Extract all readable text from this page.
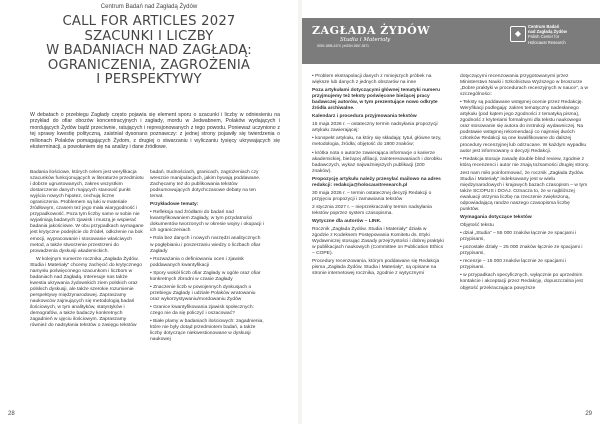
Centrum Badań nad Zagładą Żydów
CALL FOR ARTICLES 2027
SZACUNKI I LICZBY
W BADANIACH NAD ZAGŁADĄ:
OGRANICZENIA, ZAGROŻENIA
I PERSPEKTYWY
W debatach o przebiegu Zagłady często pojawia się element sporu o szacunki i liczby w odniesieniu na przykład do ofiar obozów koncentracyjnych i zagłady, mordu w Jedwabnem, Polaków wydających i mordujących Żydów bądź przeciwnie, ratujących i represjonowanych z tego powodu. Ponieważ uczyniono z tej sprawy kwestię polityczną, zaistniał dysonans poznawczy: z jednej strony pojawiły się twierdzenia o milionach Polaków pomagających Żydom, z drugiej o stwarzaniu i wyliczaniu tysięcy ukrywających się eksterminacji, a powołaniem się na analizy i dane źródłowe.

Badania ilościowe, których celem jest weryfikacja szacunków funkcjonujących w literaturze przedmiotu i dobrze ugruntowanych, zakres wszystkim dostarczenie danych mających stanowić punkt wyjścia nowych hipotez, cechują liczne ograniczenia. Problemem są luki w materiale źródłowym, czasem też jego mała wiarygodność i przypadkowość. Poza tym liczby same w sobie nie wyjaśniają badanych zjawisk i muszą je wspierać badania jakościowe. W obu przypadkach wymagane jest krytyczne podejście do źródeł, odłożenie na bok emocji, wypracowanie i stosowanie właściwych metod, a także stworzenie przestrzeni do prowadzenia dyskusji akademickich.

W kolejnym numerze rocznika „Zagłada Żydów. Studia i Materiały” chcemy zachęcić do krytycznego namysłu poświęconego szacunkom i liczbom w badaniach nad Zagładą. Interesuje nas także kwestia ukrywania żydowskich ziem polskich oraz polskich dyskusji, ale także szerokie rozumienie perspektywy międzynarodowej. Zapraszamy naukowców zajmujących się metodologią badań ilościowych, w tym analityków, statystyków i demografów, a także badaczy konkretnych zagadnień w ujęciu ilościowym. Zapraszamy również do nadsyłania tekstów o zasięgu tekstów

badań, trudnościach, granicach, zagrożeniach czy wreszcie manipulacjach, jakim bywają poddawane. Zachęcamy też do publikowania tekstów podsumowujących dotychczasowe debaty na ten temat.

Przykładowe tematy:

• Refleksja nad źródłami do badań nad kwantyfikowaniem Zagłady, w tym przydatności dokumentów tworzonych w okresie wojny i okupacji i ich ograniczeniach

• Rola bez danych i nowych narzędzi analitycznych w pogłębianiu i poszerzaniu wiedzy o liczbach ofiar Zagłady

• Rozważania o definiowaniu ocen i zjawisk poddawanych kwantyfikacji

• Spory wokół liczb ofiar Zagłady w ogóle oraz ofiar konkretnych zbrodni w czasie Zagłady

• Znaczenie liczb w powojennych dyskusjach o przebiegu Zagłady i udziale Polaków wratowaniu oraz wykorzystywaniu/mordowaniu Żydów

• Granice kwantyfikowania zjawisk społecznych: czego nie da się policzyć i oszacować?

• Białe plamy w badaniach ilościowych: zagadnienia, które nie były dotąd przedmiotem badań, a także liczby dotyczące niekwestionowane w dyskusji naukowej

28
ZAGŁADA ŻYDÓW
Studia i Materiały
ISSN 1895-247X | eISSN 2657-3571
◆
Centrum Badań
nad Zagładą Żydów
Polish Center for
Holocaust Research

• Problem ekstrapolacji danych z mniejszych próbek na większe lub danych z jednych obszarów na inne

Poza artykułami dotyczącymi głównej tematyki numeru przyjmujemy też teksty poświęcone bieżącej pracy badawczej autorów, w tym prezentujące nowo odkryte źródła archiwalne.

Kalendarz i procedura przyjmowania tekstów

15 maja 2026 r. – ostateczny termin nadsyłania propozycji artykułu zawierającej:

• konspekt artykułu, na który się składają: tytuł, główne tezy, metodologia, źródła; objętość do 1800 znaków;

• krótka nota o autorze zawierająca informacje o karierze akademickiej, bieżącej afiliacji, zainteresowaniach i dorobku badawczych, wykaz najważniejszych publikacji (200 znaków).

Propozycję artykułu należy przesyłać mailowo na adres redakcji: redakcja@holocaustresearch.pl

30 maja 2026 r. – termin ostatecznej decyzji Redakcji o przyjęciu propozycji i zamawiania tekstów

2 stycznia 2027 r. – nieprzekraczalny termin nadsyłania tekstów poprzez system czasopisma.

Wytyczne dla autorów – LINK.

Rocznik „Zagłada Żydów. Studia i Materiały” działa w zgodzie z Kodeksem Postępowania Komitetu ds. Etyki Wydawniczej stosując Zasady przejrzystości i dobrej praktyki w publikacjach naukowych (Committee on Publication Ethics – COPE).

Procedury recenzowania, którym poddawane się Redakcja pisma „Zagłada Żydów. Studia i Materiały”, są opisane na stronie internetowej rocznika, zgodnie z wytycznymi

dotyczącymi recenzowania przygotowanymi przez Ministerstwo Nauki i Szkolnictwa Wyższego w broszurze „Dobre praktyki w procedurach recenzyjnych w nauce”, a w szczególności:

• Teksty są poddawane wstępnej ocenie przez Redakcję. Weryfikacji podlegają: zakres tematyczny nadesłanego artykułu (pod kątem jego zgodności z tematyką pisma), zgodność z kryteriami formalnymi dla tekstu naukowego oraz stosowanie się autora do instrukcji wydawniczej. Na podstawie wstępnej rekomendacji co najmniej dwóch członków Redakcji są one kwalifikowane do dalszej procedury recenzyjnej lub odrzucane. W każdym wypadku autor jest informowany o decyzji Redakcji.

• Redakcja stosuje zasadę double blind review, zgodnie z którą recenzenci i autor nie znają tożsamości drugiej strony.

Jest nam miło poinformować, że rocznik „Zagłada Żydów. Studia i Materiały” indeksowany jest w wielu międzynarodowych i krajowych bazach czasopism – w tym także SCOPUS i DOAJ. Oznacza to, że w najbliższej ewaluacji otrzyma liczbę na rzeczenie zwiększoną, odpowiadającą randze naszego czasopisma liczbę punktów.

Wymagania dotyczące tekstów

Objętość tekstu

• dział „Studia” – 55 000 znaków łącznie ze spacjami i przypisami,

• pozostałe działy – 25 000 znaków łącznie ze spacjami i przypisami,

• recenzje – 15 000 znaków łącznie ze spacjami i przypisami.

• w przypadkach specyficznych, wyłącznie po uprzednim kontakcie i akceptacji przez Redakcję, dopuszczalna jest objętość przekraczająca powyższe

29
